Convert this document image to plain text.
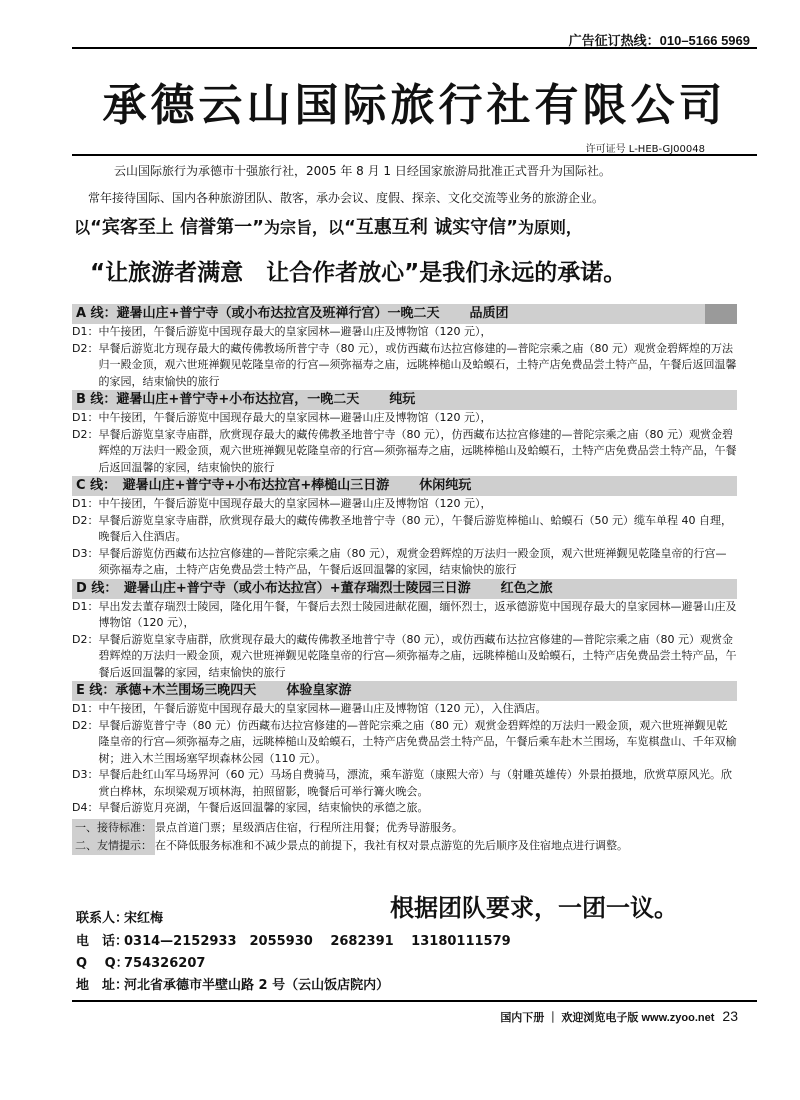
广告征订热线：010–5166 5969
承德云山国际旅行社有限公司
许可证号 L-HEB-GJ00048
云山国际旅行为承德市十强旅行社，2005 年 8 月 1 日经国家旅游局批准正式晋升为国际社。
常年接待国际、国内各种旅游团队、散客，承办会议、度假、探亲、文化交流等业务的旅游企业。
以“宾客至上 信誉第一”为宗旨，以“互惠互利 诚实守信”为原则，
“让旅游者满意　让合作者放心”是我们永远的承诺。
A 线：避暑山庄+普宁寺（或小布达拉宫及班禅行宫）一晚二天 品质团
D1： 中午接团，午餐后游览中国现存最大的皇家园林—避暑山庄及博物馆（120 元），
D2： 早餐后游览北方现存最大的藏传佛教场所普宁寺（80 元），或仿西藏布达拉宫修建的—普陀宗乘之庙（80 元）观赏金碧辉煌的万法归一殿金顶，观六世班禅觐见乾隆皇帝的行宫—须弥福寿之庙，远眺棒槌山及蛤蟆石，土特产店免费品尝土特产品，午餐后返回温馨的家园，结束愉快的旅行
B 线：避暑山庄+普宁寺+小布达拉宫，一晚二天 纯玩
D1： 中午接团，午餐后游览中国现存最大的皇家园林—避暑山庄及博物馆（120 元），
D2： 早餐后游览皇家寺庙群，欣赏现存最大的藏传佛教圣地普宁寺（80 元），仿西藏布达拉宫修建的—普陀宗乘之庙（80 元）观赏金碧辉煌的万法归一殿金顶，观六世班禅觐见乾隆皇帝的行宫—须弥福寿之庙，远眺棒槌山及蛤蟆石，土特产店免费品尝土特产品，午餐后返回温馨的家园，结束愉快的旅行
C 线：　避暑山庄+普宁寺+小布达拉宫+棒槌山三日游 休闲纯玩
D1： 中午接团，午餐后游览中国现存最大的皇家园林—避暑山庄及博物馆（120 元），
D2： 早餐后游览皇家寺庙群，欣赏现存最大的藏传佛教圣地普宁寺（80 元），午餐后游览棒槌山、蛤蟆石（50 元）缆车单程 40 自理，晚餐后入住酒店。
D3： 早餐后游览仿西藏布达拉宫修建的—普陀宗乘之庙（80 元），观赏金碧辉煌的万法归一殿金顶，观六世班禅觐见乾隆皇帝的行宫—须弥福寿之庙，土特产店免费品尝土特产品，午餐后返回温馨的家园，结束愉快的旅行
D 线：　避暑山庄+普宁寺（或小布达拉宫）+董存瑞烈士陵园三日游 红色之旅
D1： 早出发去董存瑞烈士陵园，隆化用午餐，午餐后去烈士陵园进献花圈，缅怀烈士，返承德游览中国现存最大的皇家园林—避暑山庄及博物馆（120 元），
D2： 早餐后游览皇家寺庙群，欣赏现存最大的藏传佛教圣地普宁寺（80 元），或仿西藏布达拉宫修建的—普陀宗乘之庙（80 元）观赏金碧辉煌的万法归一殿金顶，观六世班禅觐见乾隆皇帝的行宫—须弥福寿之庙，远眺棒槌山及蛤蟆石，土特产店免费品尝土特产品，午餐后返回温馨的家园，结束愉快的旅行
E 线：承德+木兰围场三晚四天 体验皇家游
D1： 中午接团，午餐后游览中国现存最大的皇家园林—避暑山庄及博物馆（120 元），入住酒店。
D2： 早餐后游览普宁寺（80 元）仿西藏布达拉宫修建的—普陀宗乘之庙（80 元）观赏金碧辉煌的万法归一殿金顶，观六世班禅觐见乾隆皇帝的行宫—须弥福寿之庙，远眺棒槌山及蛤蟆石，土特产店免费品尝土特产品，午餐后乘车赴木兰围场，车览棋盘山、千年双榆树；进入木兰围场塞罕坝森林公园（110 元）。
D3： 早餐后赴红山军马场界河（60 元）马场自费骑马，漂流，乘车游览（康熙大帝）与（射雕英雄传）外景拍摄地，欣赏草原风光。欣赏白桦林，东坝梁观万顷林海，拍照留影，晚餐后可举行篝火晚会。
D4： 早餐后游览月亮湖，午餐后返回温馨的家园，结束愉快的承德之旅。
一、接待标准： 景点首道门票；星级酒店住宿，行程所注用餐；优秀导游服务。
二、友情提示： 在不降低服务标准和不减少景点的前提下，我社有权对景点游览的先后顺序及住宿地点进行调整。
根据团队要求，一团一议。
联系人：宋红梅
电　话：0314—2152933　2055930　 2682391　 13180111579
Q　 Q：754326207
地　址：河北省承德市半壁山路 2 号（云山饭店院内）
国内下册 ｜ 欢迎浏览电子版 www.zyoo.net 23
